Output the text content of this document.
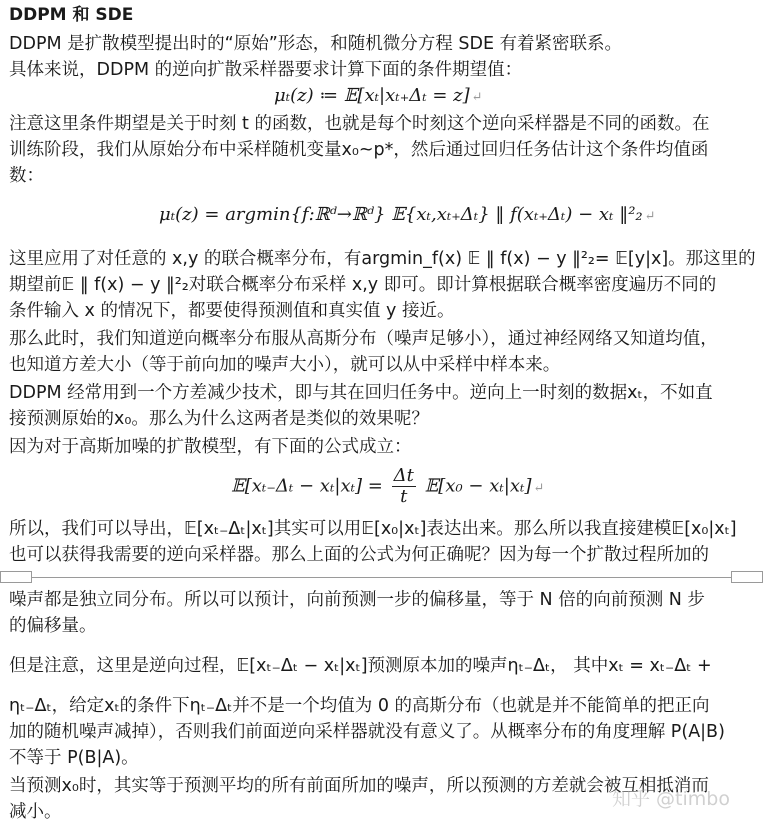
DDPM 和 SDE
DDPM 是扩散模型提出时的“原始”形态，和随机微分方程 SDE 有着紧密联系。
具体来说，DDPM 的逆向扩散采样器要求计算下面的条件期望值：
μₜ(z) ≔ 𝔼[xₜ|xₜ₊Δₜ = z] ↵
注意这里条件期望是关于时刻 t 的函数，也就是每个时刻这个逆向采样器是不同的函数。在
训练阶段，我们从原始分布中采样随机变量x₀~p*，然后通过回归任务估计这个条件均值函
数：
μₜ(z) = argmin{f:ℝᵈ→ℝᵈ} 𝔼{xₜ,xₜ₊Δₜ} ‖ f(xₜ₊Δₜ) − xₜ ‖²₂ ↵
这里应用了对任意的 x,y 的联合概率分布，有argmin_f(x) 𝔼 ‖ f(x) − y ‖²₂= 𝔼[y|x]。那这里的
期望前𝔼 ‖ f(x) − y ‖²₂对联合概率分布采样 x,y 即可。即计算根据联合概率密度遍历不同的
条件输入 x 的情况下，都要使得预测值和真实值 y 接近。
那么此时，我们知道逆向概率分布服从高斯分布（噪声足够小），通过神经网络又知道均值，
也知道方差大小（等于前向加的噪声大小），就可以从中采样中样本来。
DDPM 经常用到一个方差减少技术，即与其在回归任务中。逆向上一时刻的数据xₜ，不如直
接预测原始的x₀。那么为什么这两者是类似的效果呢？
因为对于高斯加噪的扩散模型，有下面的公式成立：
𝔼[xₜ₋Δₜ − $x_t|x_t] = \frac{\Delta t}{t}$ 𝔼[x₀ − xₜ|xₜ] ↵
所以，我们可以导出，𝔼[xₜ₋Δₜ|xₜ]其实可以用𝔼[x₀|xₜ]表达出来。那么所以我直接建模𝔼[x₀|xₜ]
也可以获得我需要的逆向采样器。那么上面的公式为何正确呢？因为每一个扩散过程所加的
噪声都是独立同分布。所以可以预计，向前预测一步的偏移量，等于 N 倍的向前预测 N 步
的偏移量。
但是注意，这里是逆向过程，𝔼[xₜ₋Δₜ − xₜ|xₜ]预测原本加的噪声ηₜ₋Δₜ， 其中xₜ = xₜ₋Δₜ +
ηₜ₋Δₜ，给定xₜ的条件下ηₜ₋Δₜ并不是一个均值为 0 的高斯分布（也就是并不能简单的把正向
加的随机噪声减掉），否则我们前面逆向采样器就没有意义了。从概率分布的角度理解 P(A|B)
不等于 P(B|A)。
当预测x₀时，其实等于预测平均的所有前面所加的噪声，所以预测的方差就会被互相抵消而
减小。
知乎 @timbo
